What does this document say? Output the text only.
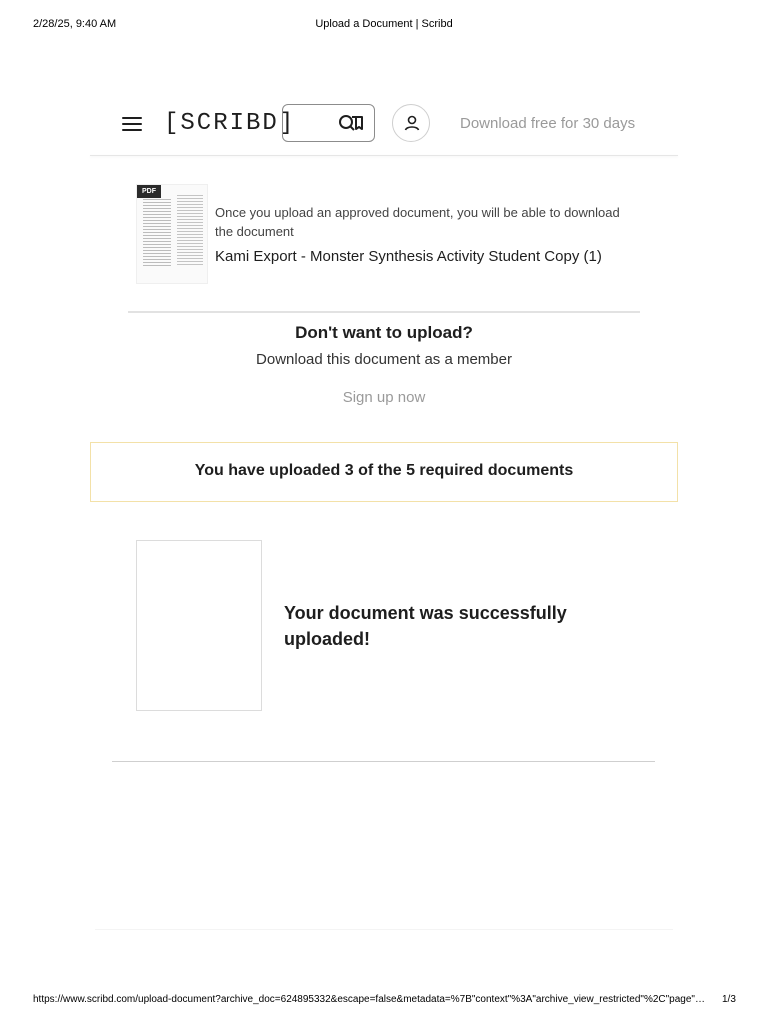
2/28/25, 9:40 AM	Upload a Document | Scribd
[SCRIBD]	Download free for 30 days
PDF
Once you upload an approved document, you will be able to download the document
Kami Export - Monster Synthesis Activity Student Copy (1)
Don't want to upload?
Download this document as a member
Sign up now
You have uploaded 3 of the 5 required documents
Your document was successfully uploaded!
https://www.scribd.com/upload-document?archive_doc=624895332&escape=false&metadata=%7B"context"%3A"archive_view_restricted"%2C"page"…	1/3
